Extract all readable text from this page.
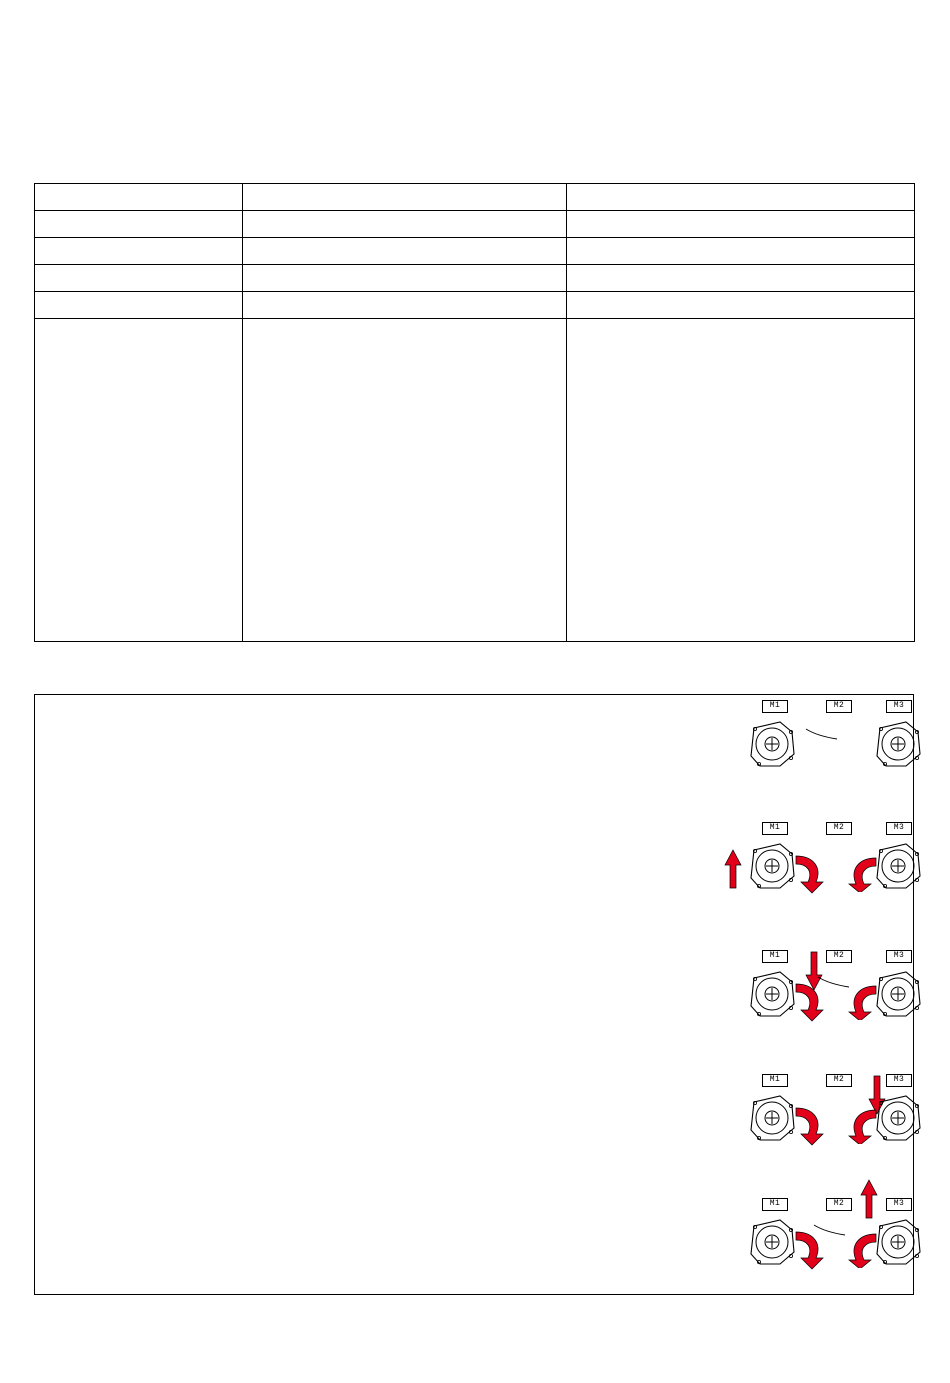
M1	M2	M3
M1	M2	M3
M1	M2	M3
M1	M2	M3
M1	M2	M3
